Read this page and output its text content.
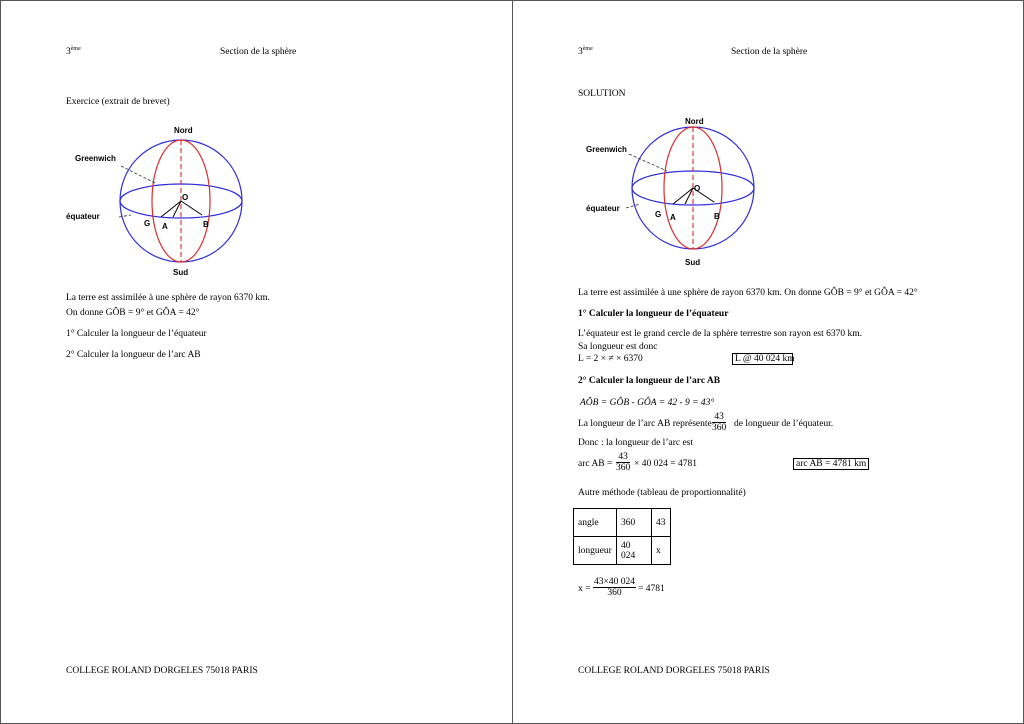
3ème	Section de la sphère
Exercice (extrait de brevet)
Nord
Sud
Greenwich
équateur
O
G A	B
La terre est assimilée à une sphère de rayon 6370 km.
On donne GÔB = 9° et GÔA = 42°
1° Calculer la longueur de l’équateur
2° Calculer la longueur de l’arc AB
COLLEGE ROLAND DORGELES 75018 PARIS
3ème	Section de la sphère
SOLUTION
Nord
Sud
Greenwich
équateur
O
G A	B
La terre est assimilée à une sphère de rayon 6370 km. On donne GÔB = 9° et GÔA = 42°
1° Calculer la longueur de l’équateur
L’équateur est le grand cercle de la sphère terrestre son rayon est 6370 km.
Sa longueur est donc
L = 2 × ≠ × 6370	L @ 40 024 km
2° Calculer la longueur de l’arc AB
AÔB = GÔB - GÔA = 42 - 9 = 43°
La longueur de l’arc AB représente $\frac{43}{360}$ de longueur de l’équateur.
Donc : la longueur de l’arc est
arc AB = $\frac{43}{360} \times 40$ 024 = 4781	arc AB = 4781 km
Autre méthode (tableau de proportionnalité)
angle	360	43
longueur	40 024	x
$x = \frac{43\times 40 024}{360} = 4781$
COLLEGE ROLAND DORGELES 75018 PARIS
